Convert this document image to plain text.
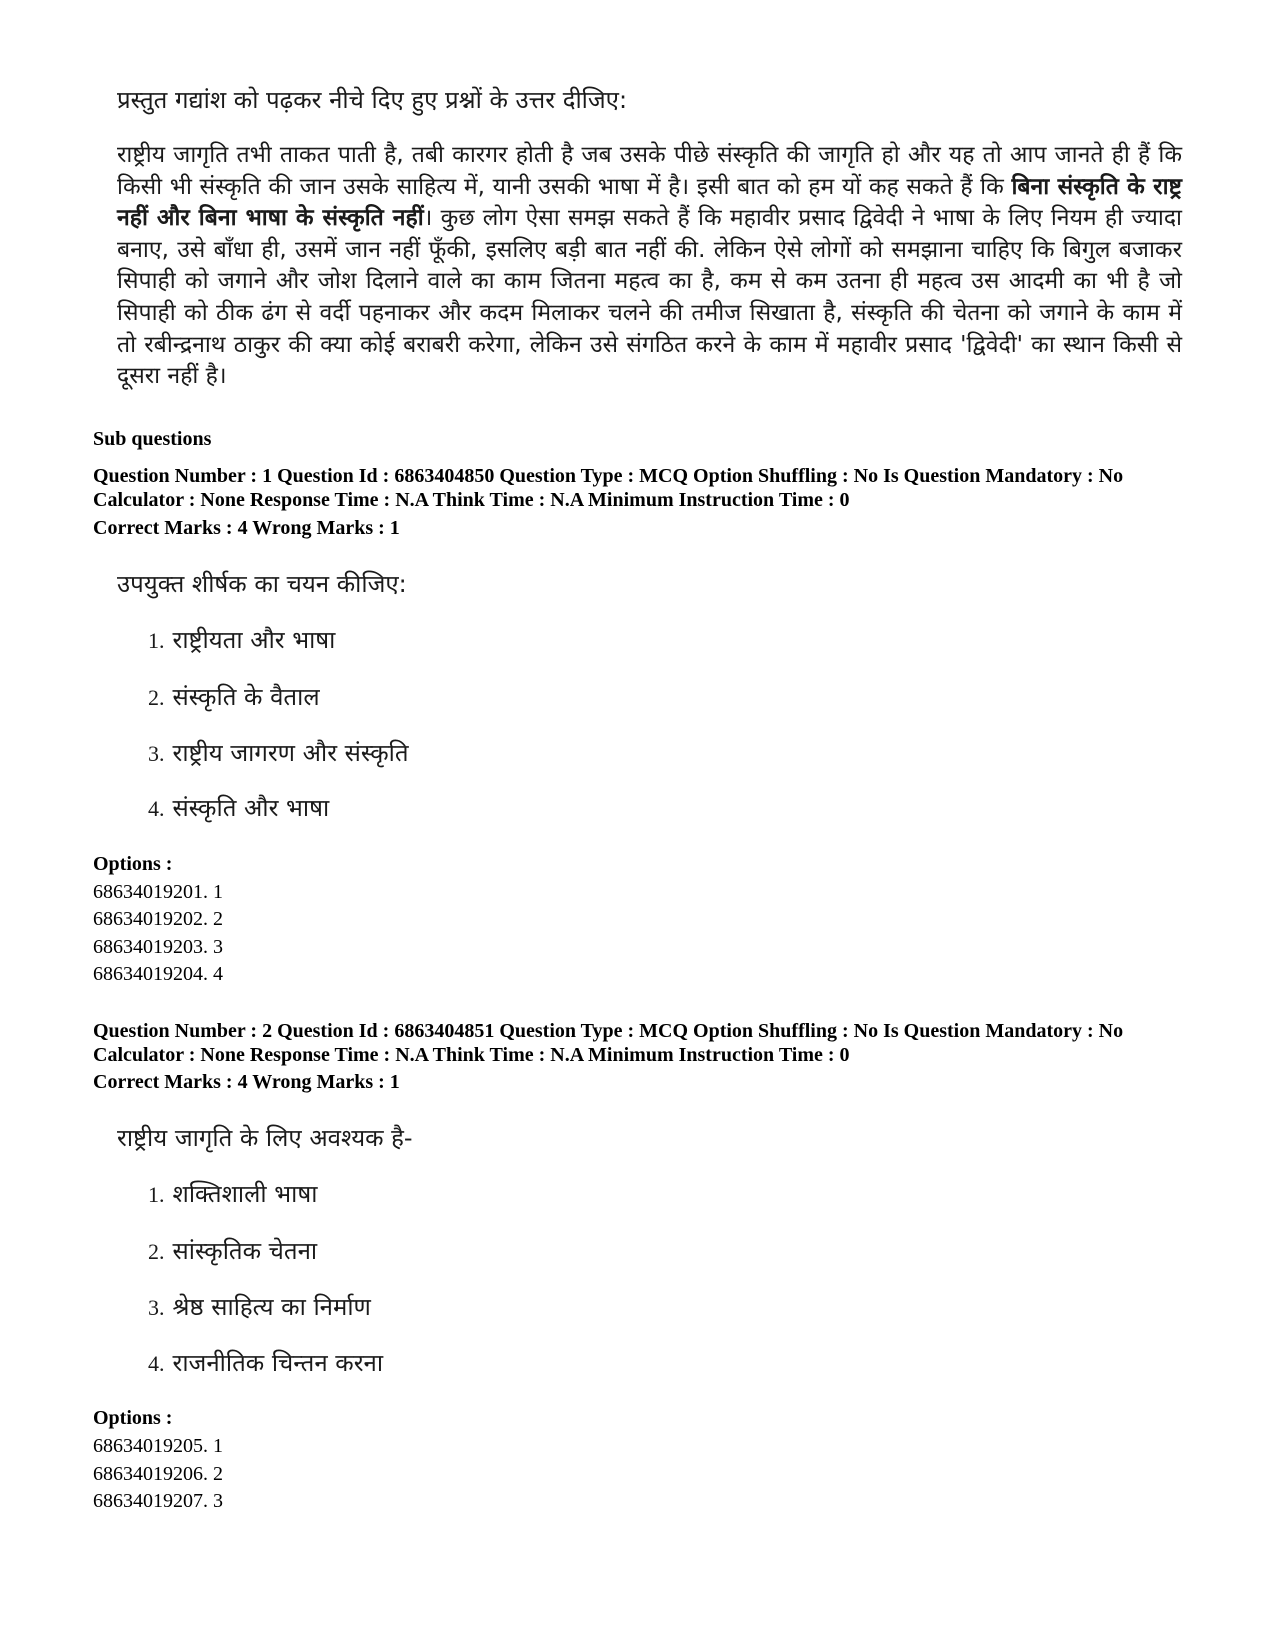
प्रस्तुत गद्यांश को पढ़कर नीचे दिए हुए प्रश्नों के उत्तर दीजिए:

राष्ट्रीय जागृति तभी ताकत पाती है, तबी कारगर होती है जब उसके पीछे संस्कृति की जागृति हो और यह तो आप जानते ही हैं कि किसी भी संस्कृति की जान उसके साहित्य में, यानी उसकी भाषा में है। इसी बात को हम यों कह सकते हैं कि बिना संस्कृति के राष्ट्र नहीं और बिना भाषा के संस्कृति नहीं। कुछ लोग ऐसा समझ सकते हैं कि महावीर प्रसाद द्विवेदी ने भाषा के लिए नियम ही ज्यादा बनाए, उसे बाँधा ही, उसमें जान नहीं फूँकी, इसलिए बड़ी बात नहीं की. लेकिन ऐसे लोगों को समझाना चाहिए कि बिगुल बजाकर सिपाही को जगाने और जोश दिलाने वाले का काम जितना महत्व का है, कम से कम उतना ही महत्व उस आदमी का भी है जो सिपाही को ठीक ढंग से वर्दी पहनाकर और कदम मिलाकर चलने की तमीज सिखाता है, संस्कृति की चेतना को जगाने के काम में तो रबीन्द्रनाथ ठाकुर की क्या कोई बराबरी करेगा, लेकिन उसे संगठित करने के काम में महावीर प्रसाद 'द्विवेदी' का स्थान किसी से दूसरा नहीं है।

Sub questions
Question Number : 1 Question Id : 6863404850 Question Type : MCQ Option Shuffling : No Is Question Mandatory : No
Calculator : None Response Time : N.A Think Time : N.A Minimum Instruction Time : 0
Correct Marks : 4 Wrong Marks : 1
उपयुक्त शीर्षक का चयन कीजिए:
1. राष्ट्रीयता और भाषा
2. संस्कृति के वैताल
3. राष्ट्रीय जागरण और संस्कृति
4. संस्कृति और भाषा
Options :
68634019201. 1
68634019202. 2
68634019203. 3
68634019204. 4
Question Number : 2 Question Id : 6863404851 Question Type : MCQ Option Shuffling : No Is Question Mandatory : No
Calculator : None Response Time : N.A Think Time : N.A Minimum Instruction Time : 0
Correct Marks : 4 Wrong Marks : 1
राष्ट्रीय जागृति के लिए अवश्यक है-
1. शक्तिशाली भाषा
2. सांस्कृतिक चेतना
3. श्रेष्ठ साहित्य का निर्माण
4. राजनीतिक चिन्तन करना
Options :
68634019205. 1
68634019206. 2
68634019207. 3
